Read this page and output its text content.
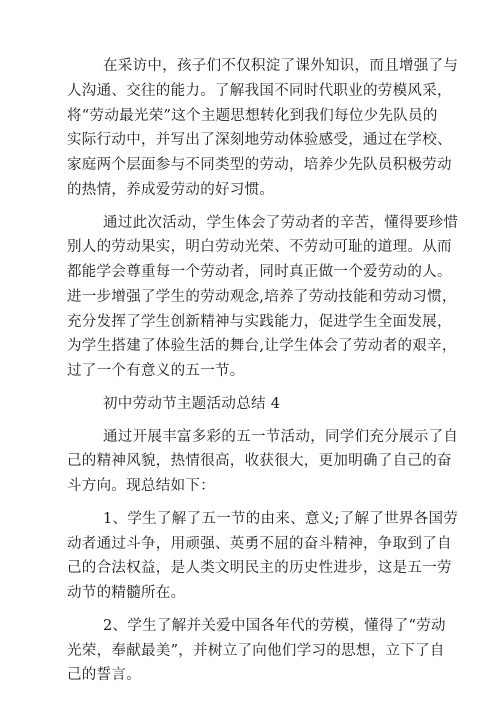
在采访中，孩子们不仅积淀了课外知识，而且增强了与
人沟通、交往的能力。了解我国不同时代职业的劳模风采，
将“劳动最光荣”这个主题思想转化到我们每位少先队员的
实际行动中，并写出了深刻地劳动体验感受，通过在学校、
家庭两个层面参与不同类型的劳动，培养少先队员积极劳动
的热情，养成爱劳动的好习惯。
通过此次活动，学生体会了劳动者的辛苦，懂得要珍惜
别人的劳动果实，明白劳动光荣、不劳动可耻的道理。从而
都能学会尊重每一个劳动者，同时真正做一个爱劳动的人。
进一步增强了学生的劳动观念,培养了劳动技能和劳动习惯，
充分发挥了学生创新精神与实践能力，促进学生全面发展，
为学生搭建了体验生活的舞台,让学生体会了劳动者的艰辛，
过了一个有意义的五一节。
初中劳动节主题活动总结 4
通过开展丰富多彩的五一节活动，同学们充分展示了自
己的精神风貌，热情很高，收获很大，更加明确了自己的奋
斗方向。现总结如下：
1、学生了解了五一节的由来、意义;了解了世界各国劳
动者通过斗争，用顽强、英勇不屈的奋斗精神，争取到了自
己的合法权益，是人类文明民主的历史性进步，这是五一劳
动节的精髓所在。
2、学生了解并关爱中国各年代的劳模，懂得了“劳动
光荣，奉献最美”，并树立了向他们学习的思想，立下了自
己的誓言。
